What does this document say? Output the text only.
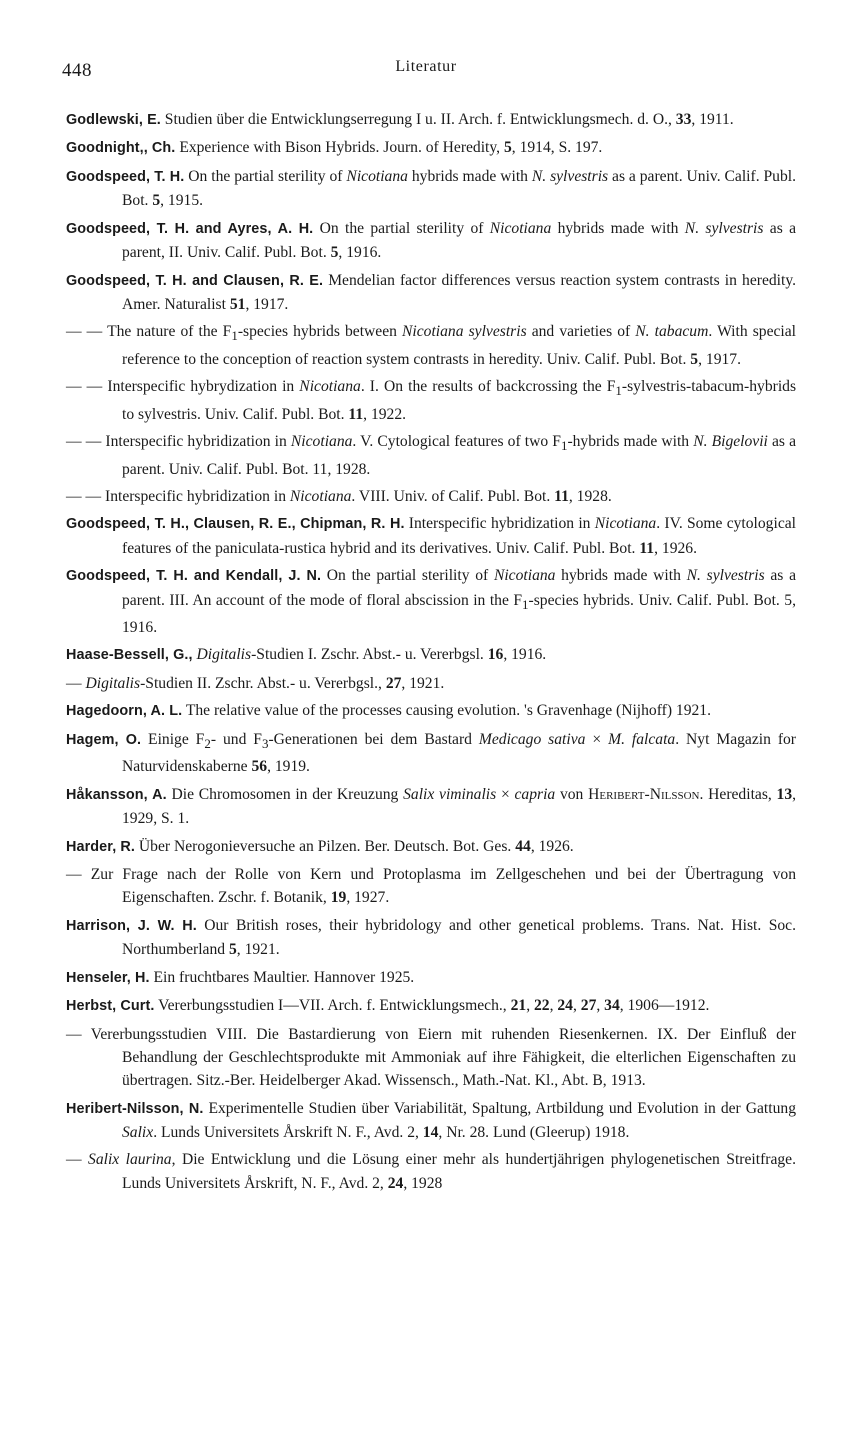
448	Literatur

Godlewski, E. Studien über die Entwicklungserregung I u. II. Arch. f. Entwicklungsmech. d. O., 33, 1911.

Goodnight,, Ch. Experience with Bison Hybrids. Journ. of Heredity, 5, 1914, S. 197.

Goodspeed, T. H. On the partial sterility of Nicotiana hybrids made with N. sylvestris as a parent. Univ. Calif. Publ. Bot. 5, 1915.

Goodspeed, T. H. and Ayres, A. H. On the partial sterility of Nicotiana hybrids made with N. sylvestris as a parent, II. Univ. Calif. Publ. Bot. 5, 1916.

Goodspeed, T. H. and Clausen, R. E. Mendelian factor differences versus reaction system contrasts in heredity. Amer. Naturalist 51, 1917.

— — The nature of the $F_1$-species hybrids between Nicotiana sylvestris and varieties of N. tabacum. With special reference to the conception of reaction system contrasts in heredity. Univ. Calif. Publ. Bot. 5, 1917.

— — Interspecific hybrydization in Nicotiana. I. On the results of backcrossing the $F_1-sylvestris-tabacum$-hybrids to sylvestris. Univ. Calif. Publ. Bot. 11, 1922.

— — Interspecific hybridization in Nicotiana. V. Cytological features of two $F_1$-hybrids made with N. Bigelovii as a parent. Univ. Calif. Publ. Bot. 11, 1928.

— — Interspecific hybridization in Nicotiana. VIII. Univ. of Calif. Publ. Bot. 11, 1928.

Goodspeed, T. H., Clausen, R. E., Chipman, R. H. Interspecific hybridization in Nicotiana. IV. Some cytological features of the paniculata-rustica hybrid and its derivatives. Univ. Calif. Publ. Bot. 11, 1926.

Goodspeed, T. H. and Kendall, J. N. On the partial sterility of Nicotiana hybrids made with N. sylvestris as a parent. III. An account of the mode of floral abscission in the $F_1$-species hybrids. Univ. Calif. Publ. Bot. 5, 1916.

Haase-Bessell, G., Digitalis-Studien I. Zschr. Abst.- u. Vererbgsl. 16, 1916.

— Digitalis-Studien II. Zschr. Abst.- u. Vererbgsl., 27, 1921.

Hagedoorn, A. L. The relative value of the processes causing evolution. 's Gravenhage (Nijhoff) 1921.

Hagem, O. Einige $F_2-$ und $F_3$-Generationen bei dem Bastard Medicago sativa × M. falcata. Nyt Magazin for Naturvidenskaberne 56, 1919.

Håkansson, A. Die Chromosomen in der Kreuzung Salix viminalis × capria von Heribert-Nilsson. Hereditas, 13, 1929, S. 1.

Harder, R. Über Nerogonieversuche an Pilzen. Ber. Deutsch. Bot. Ges. 44, 1926.

— Zur Frage nach der Rolle von Kern und Protoplasma im Zellgeschehen und bei der Übertragung von Eigenschaften. Zschr. f. Botanik, 19, 1927.

Harrison, J. W. H. Our British roses, their hybridology and other genetical problems. Trans. Nat. Hist. Soc. Northumberland 5, 1921.

Henseler, H. Ein fruchtbares Maultier. Hannover 1925.

Herbst, Curt. Vererbungsstudien I—VII. Arch. f. Entwicklungsmech., 21, 22, 24, 27, 34, 1906—1912.

— Vererbungsstudien VIII. Die Bastardierung von Eiern mit ruhenden Riesenkernen. IX. Der Einfluß der Behandlung der Geschlechtsprodukte mit Ammoniak auf ihre Fähigkeit, die elterlichen Eigenschaften zu übertragen. Sitz.-Ber. Heidelberger Akad. Wissensch., Math.-Nat. Kl., Abt. B, 1913.

Heribert-Nilsson, N. Experimentelle Studien über Variabilität, Spaltung, Artbildung und Evolution in der Gattung Salix. Lunds Universitets Årskrift N. F., Avd. 2, 14, Nr. 28. Lund (Gleerup) 1918.

— Salix laurina, Die Entwicklung und die Lösung einer mehr als hundertjährigen phylogenetischen Streitfrage. Lunds Universitets Årskrift, N. F., Avd. 2, 24, 1928
